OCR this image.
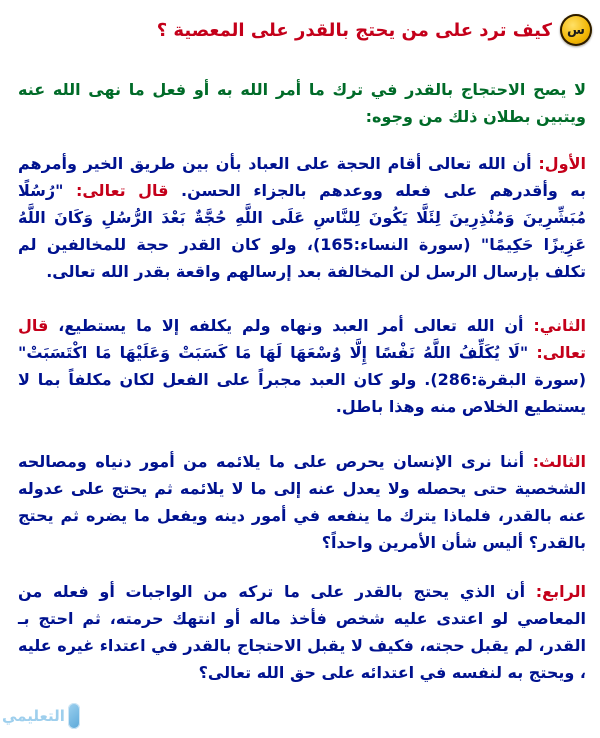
س
كيف ترد على من يحتج بالقدر على المعصية ؟
لا يصح الاحتجاج بالقدر في ترك ما أمر الله به أو فعل ما نهى الله عنه ويتبين بطلان ذلك من وجوه:
الأول: أن الله تعالى أقام الحجة على العباد بأن بين طريق الخير وأمرهم به وأقدرهم على فعله ووعدهم بالجزاء الحسن. قال تعالى: "رُسُلًا مُبَشِّرِينَ وَمُنْذِرِينَ لِئَلَّا يَكُونَ لِلنَّاسِ عَلَى اللَّهِ حُجَّةٌ بَعْدَ الرُّسُلِ وَكَانَ اللَّهُ عَزِيزًا حَكِيمًا" (سورة النساء:165)، ولو كان القدر حجة للمخالفين لم تكلف بإرسال الرسل لن المخالفة بعد إرسالهم واقعة بقدر الله تعالى.
الثاني: أن الله تعالى أمر العبد ونهاه ولم يكلفه إلا ما يستطيع، قال تعالى: "لَا يُكَلِّفُ اللَّهُ نَفْسًا إِلَّا وُسْعَهَا لَهَا مَا كَسَبَتْ وَعَلَيْهَا مَا اكْتَسَبَتْ" (سورة البقرة:286). ولو كان العبد مجبراً على الفعل لكان مكلفاً بما لا يستطيع الخلاص منه وهذا باطل.
الثالث: أننا نرى الإنسان يحرص على ما يلائمه من أمور دنياه ومصالحه الشخصية حتى يحصله ولا يعدل عنه إلى ما لا يلائمه ثم يحتج على عدوله عنه بالقدر، فلماذا يترك ما ينفعه في أمور دينه ويفعل ما يضره ثم يحتج بالقدر؟ أليس شأن الأمرين واحداً؟
الرابع: أن الذي يحتج بالقدر على ما تركه من الواجبات أو فعله من المعاصي لو اعتدى عليه شخص فأخذ ماله أو انتهك حرمته، ثم احتج بـ القدر، لم يقبل حجته، فكيف لا يقبل الاحتجاج بالقدر في اعتداء غيره عليه ، ويحتج به لنفسه في اعتدائه على حق الله تعالى؟
التعليمي
